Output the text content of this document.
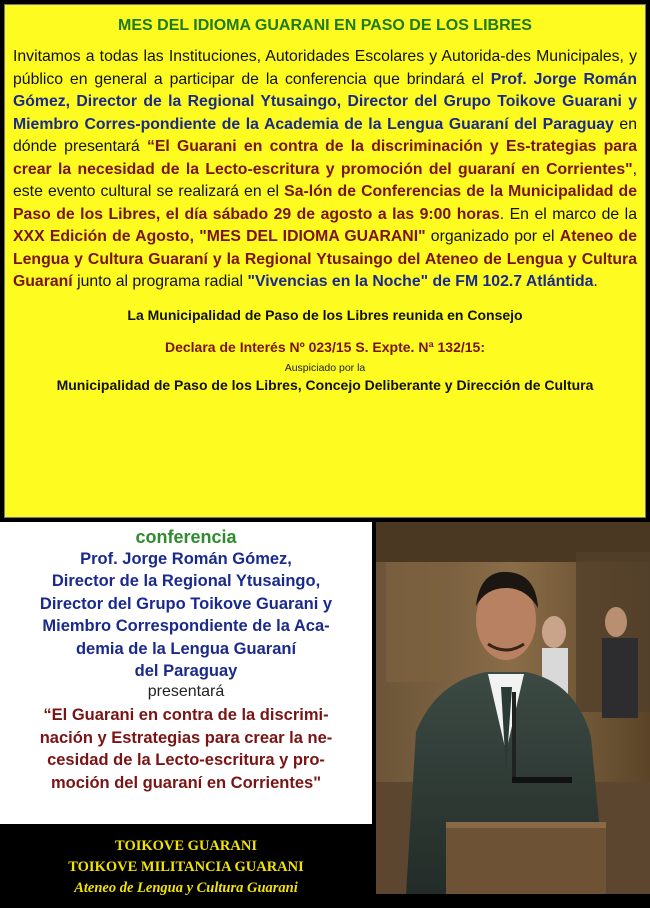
MES DEL IDIOMA GUARANI EN PASO DE LOS LIBRES

Invitamos a todas las Instituciones, Autoridades Escolares y Autorida-des Municipales, y público en general a participar de la conferencia que brindará el Prof. Jorge Román Gómez, Director de la Regional Ytusaingo, Director del Grupo Toikove Guarani y Miembro Corres-pondiente de la Academia de la Lengua Guaraní del Paraguay en dónde presentará “El Guarani en contra de la discriminación y Es-trategias para crear la necesidad de la Lecto-escritura y promoción del guaraní en Corrientes", este evento cultural se realizará en el Sa-lón de Conferencias de la Municipalidad de Paso de los Libres, el día sábado 29 de agosto a las 9:00 horas. En el marco de la XXX Edición de Agosto, "MES DEL IDIOMA GUARANI" organizado por el Ateneo de Lengua y Cultura Guaraní y la Regional Ytusaingo del Ateneo de Lengua y Cultura Guaraní junto al programa radial "Vivencias en la Noche" de FM 102.7 Atlántida.

La Municipalidad de Paso de los Libres reunida en Consejo
Declara de Interés Nº 023/15 S. Expte. Nª 132/15:
Auspiciado por la
Municipalidad de Paso de los Libres, Concejo Deliberante y Dirección de Cultura
conferencia
Prof. Jorge Román Gómez,
Director de la Regional Ytusaingo,
Director del Grupo Toikove Guarani y
Miembro Correspondiente de la Aca-
demia de la Lengua Guaraní
del Paraguay
presentará
“El Guarani en contra de la discrimi-
nación y Estrategias para crear la ne-
cesidad de la Lecto-escritura y pro-
moción del guaraní en Corrientes"
TOIKOVE GUARANI
TOIKOVE MILITANCIA GUARANI
Ateneo de Lengua y Cultura Guarani
